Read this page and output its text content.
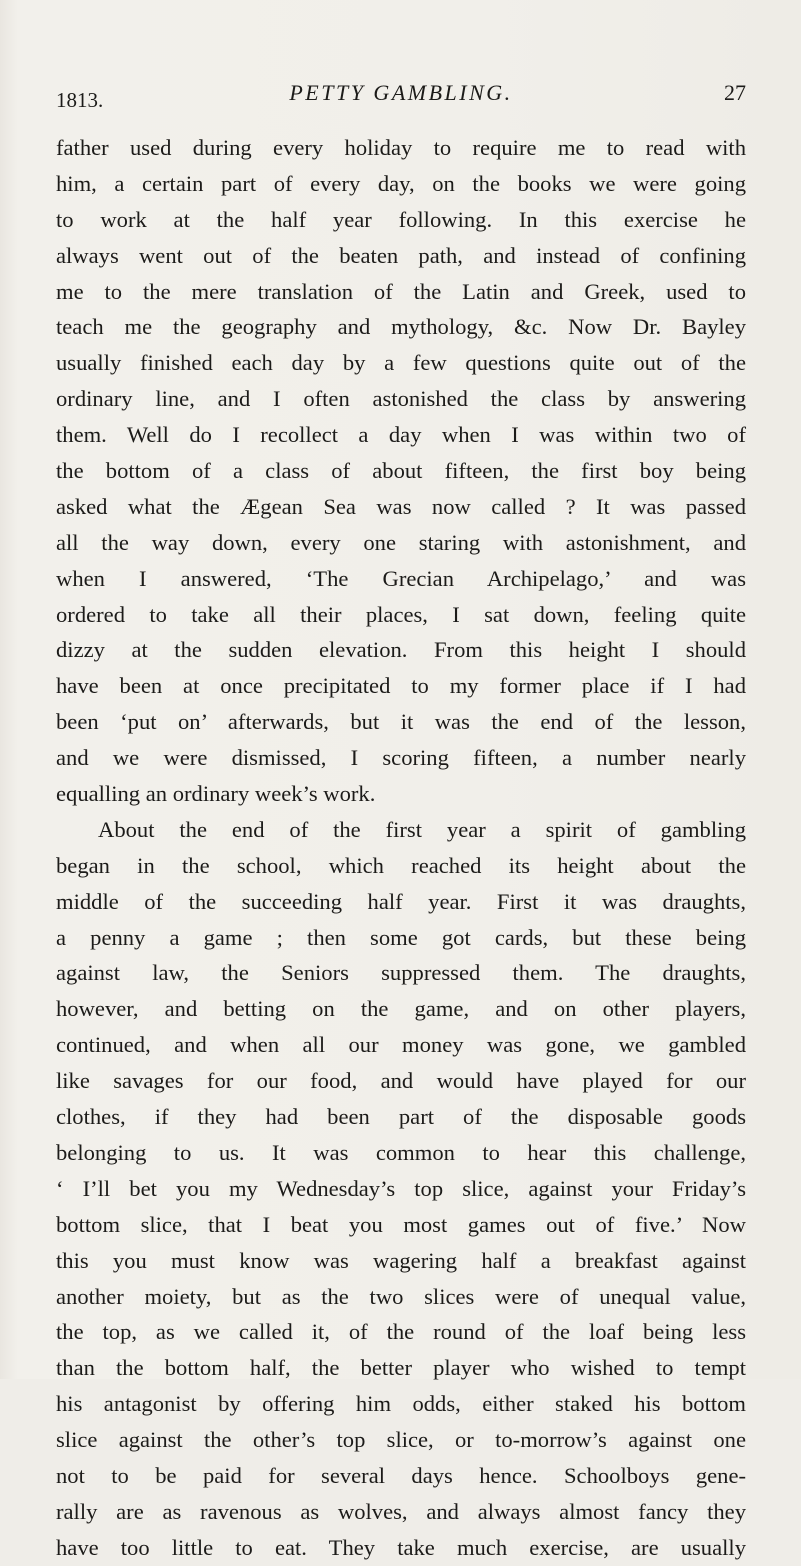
1813.	PETTY GAMBLING.	27
father used during every holiday to require me to read with
him, a certain part of every day, on the books we were going
to work at the half year following. In this exercise he
always went out of the beaten path, and instead of confining
me to the mere translation of the Latin and Greek, used to
teach me the geography and mythology, &c. Now Dr. Bayley
usually finished each day by a few questions quite out of the
ordinary line, and I often astonished the class by answering
them. Well do I recollect a day when I was within two of
the bottom of a class of about fifteen, the first boy being
asked what the Ægean Sea was now called ? It was passed
all the way down, every one staring with astonishment, and
when I answered, ‘The Grecian Archipelago,’ and was
ordered to take all their places, I sat down, feeling quite
dizzy at the sudden elevation. From this height I should
have been at once precipitated to my former place if I had
been ‘put on’ afterwards, but it was the end of the lesson,
and we were dismissed, I scoring fifteen, a number nearly
equalling an ordinary week’s work.
About the end of the first year a spirit of gambling
began in the school, which reached its height about the
middle of the succeeding half year. First it was draughts,
a penny a game ; then some got cards, but these being
against law, the Seniors suppressed them. The draughts,
however, and betting on the game, and on other players,
continued, and when all our money was gone, we gambled
like savages for our food, and would have played for our
clothes, if they had been part of the disposable goods
belonging to us. It was common to hear this challenge,
‘ I’ll bet you my Wednesday’s top slice, against your Friday’s
bottom slice, that I beat you most games out of five.’ Now
this you must know was wagering half a breakfast against
another moiety, but as the two slices were of unequal value,
the top, as we called it, of the round of the loaf being less
than the bottom half, the better player who wished to tempt
his antagonist by offering him odds, either staked his bottom
slice against the other’s top slice, or to-morrow’s against one
not to be paid for several days hence. Schoolboys gene-
rally are as ravenous as wolves, and always almost fancy they
have too little to eat. They take much exercise, are usually
